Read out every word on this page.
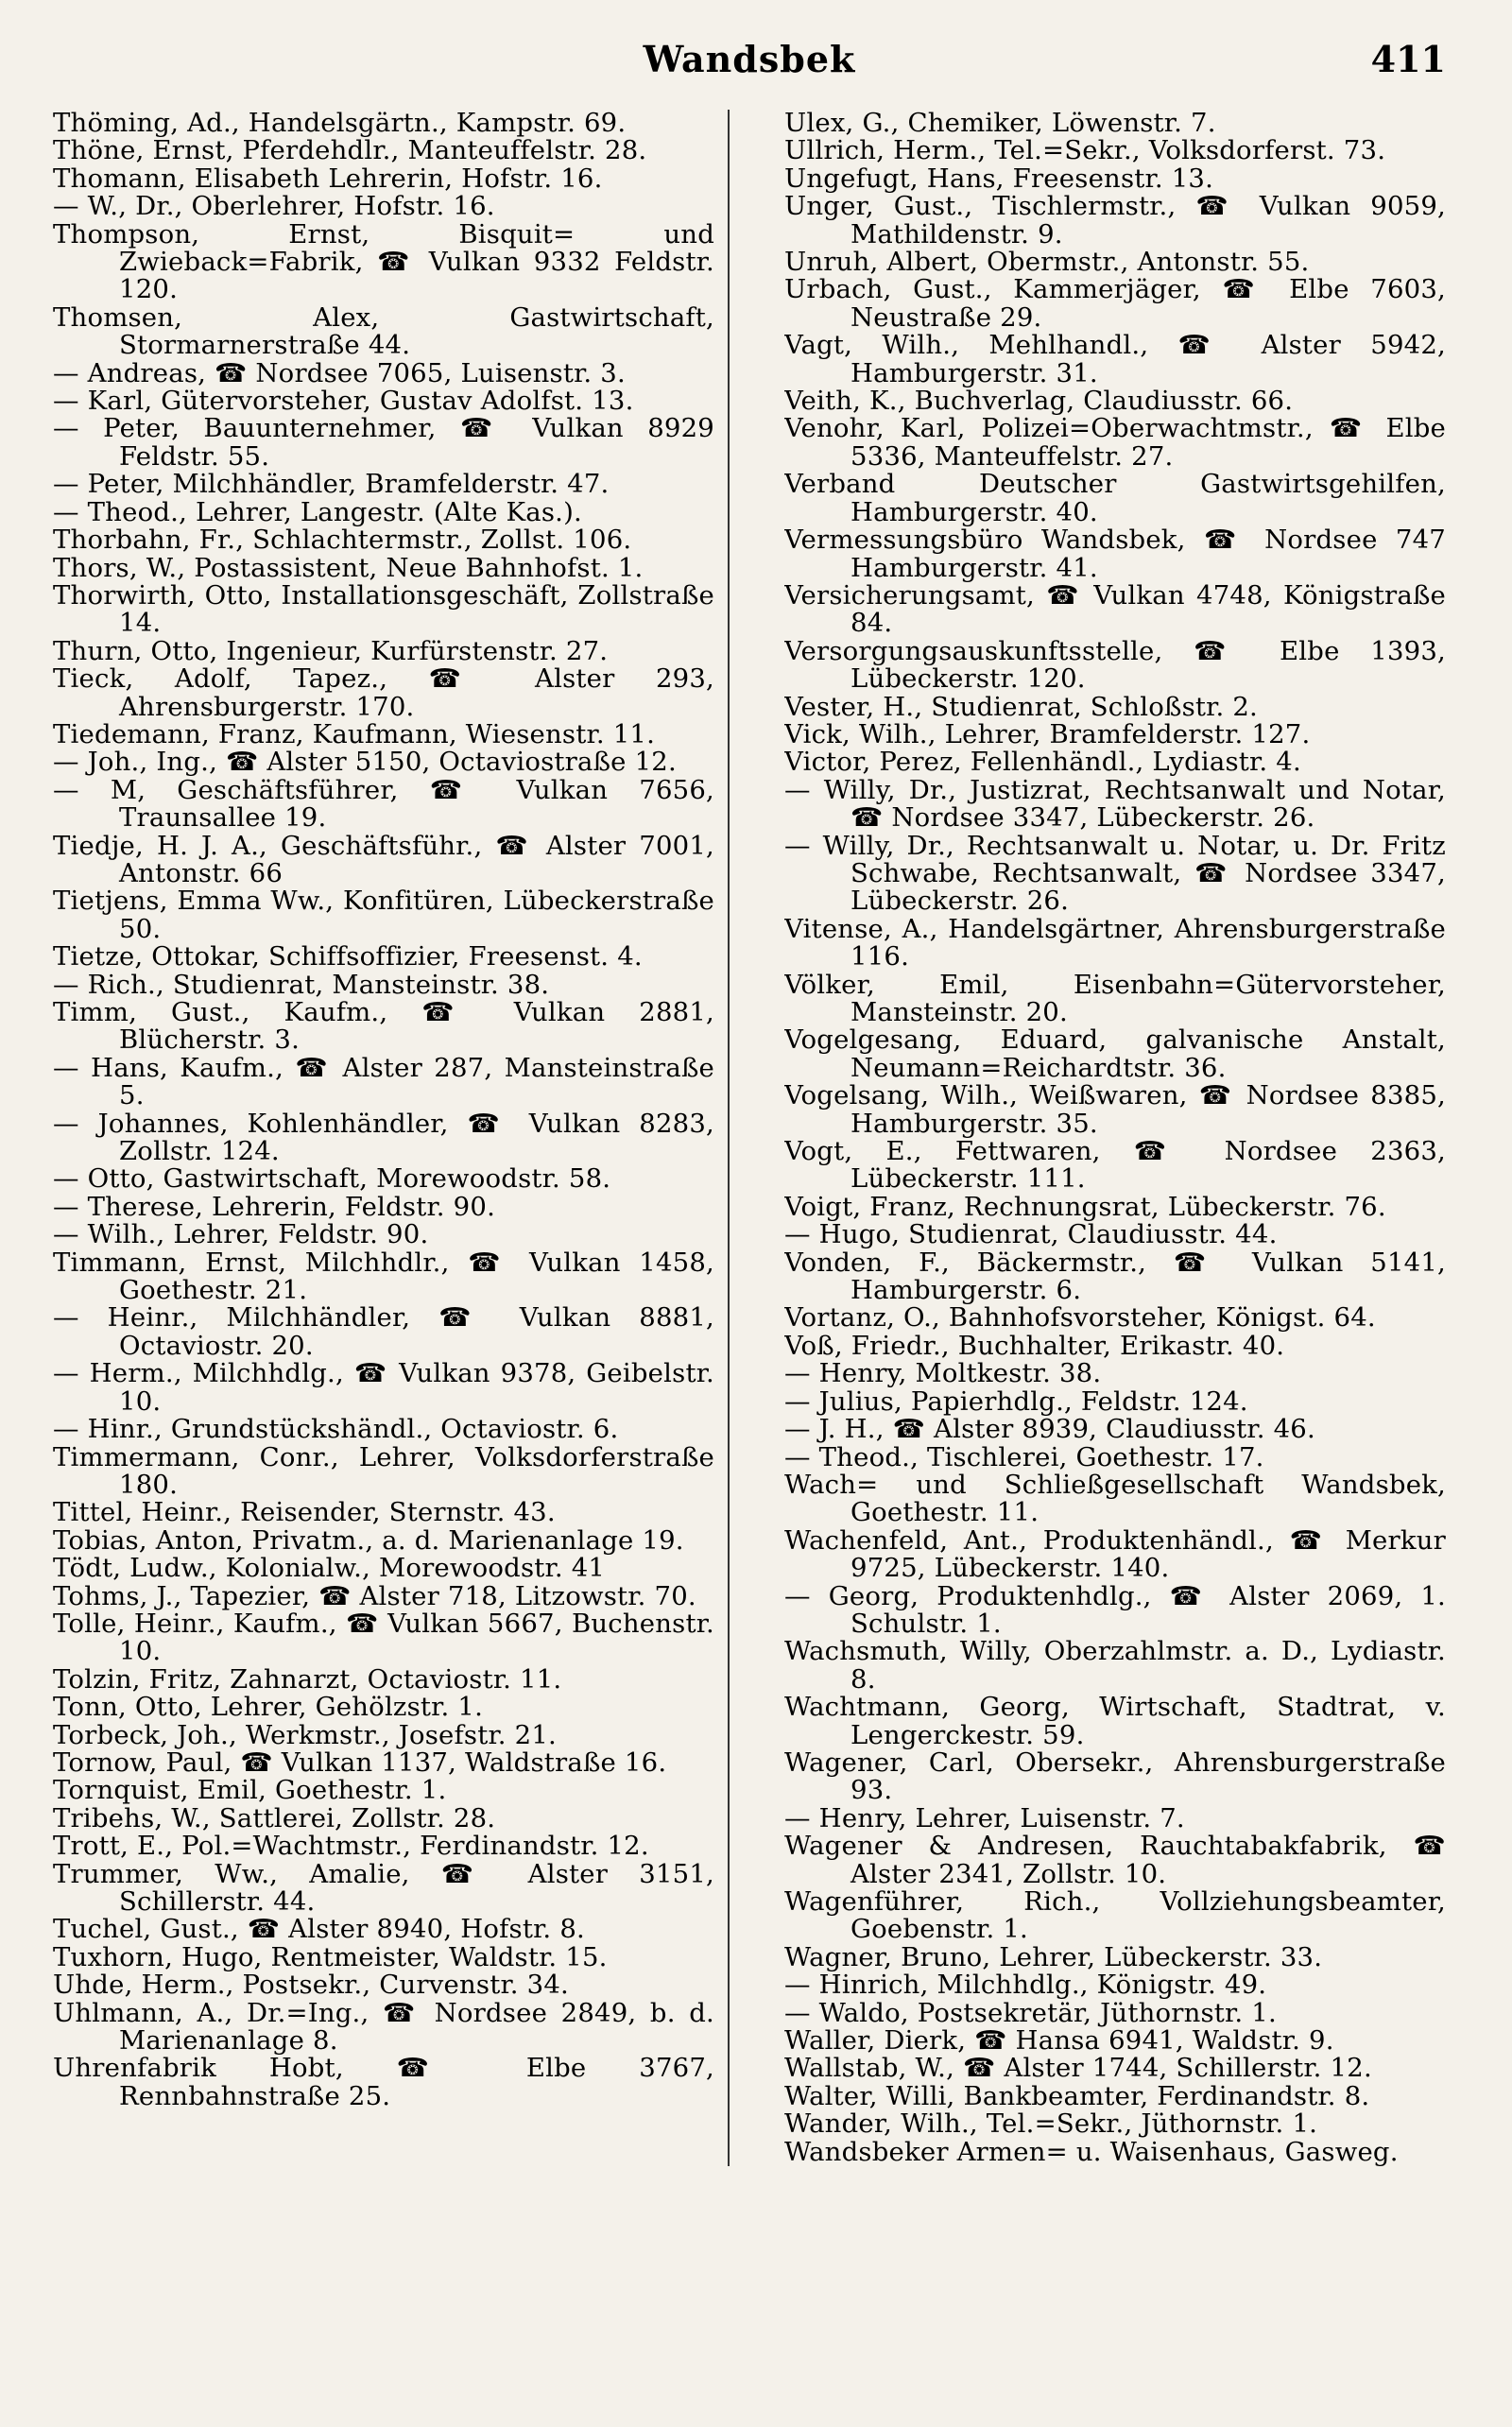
Wandsbek	411

Thöming, Ad., Handelsgärtn., Kampstr. 69.

Thöne, Ernst, Pferdehdlr., Manteuffelstr. 28.

Thomann, Elisabeth Lehrerin, Hofstr. 16.

— W., Dr., Oberlehrer, Hofstr. 16.

Thompson, Ernst, Bisquit= und Zwieback=Fabrik, ☎ Vulkan 9332 Feldstr. 120.

Thomsen, Alex, Gastwirtschaft, Stormarnerstraße 44.

— Andreas, ☎ Nordsee 7065, Luisenstr. 3.

— Karl, Gütervorsteher, Gustav Adolfst. 13.

— Peter, Bauunternehmer, ☎ Vulkan 8929 Feldstr. 55.

— Peter, Milchhändler, Bramfelderstr. 47.

— Theod., Lehrer, Langestr. (Alte Kas.).

Thorbahn, Fr., Schlachtermstr., Zollst. 106.

Thors, W., Postassistent, Neue Bahnhofst. 1.

Thorwirth, Otto, Installationsgeschäft, Zollstraße 14.

Thurn, Otto, Ingenieur, Kurfürstenstr. 27.

Tieck, Adolf, Tapez., ☎ Alster 293, Ahrensburgerstr. 170.

Tiedemann, Franz, Kaufmann, Wiesenstr. 11.

— Joh., Ing., ☎ Alster 5150, Octaviostraße 12.

— M, Geschäftsführer, ☎ Vulkan 7656, Traunsallee 19.

Tiedje, H. J. A., Geschäftsführ., ☎ Alster 7001, Antonstr. 66

Tietjens, Emma Ww., Konfitüren, Lübeckerstraße 50.

Tietze, Ottokar, Schiffsoffizier, Freesenst. 4.

— Rich., Studienrat, Mansteinstr. 38.

Timm, Gust., Kaufm., ☎ Vulkan 2881, Blücherstr. 3.

— Hans, Kaufm., ☎ Alster 287, Mansteinstraße 5.

— Johannes, Kohlenhändler, ☎ Vulkan 8283, Zollstr. 124.

— Otto, Gastwirtschaft, Morewoodstr. 58.

— Therese, Lehrerin, Feldstr. 90.

— Wilh., Lehrer, Feldstr. 90.

Timmann, Ernst, Milchhdlr., ☎ Vulkan 1458, Goethestr. 21.

— Heinr., Milchhändler, ☎ Vulkan 8881, Octaviostr. 20.

— Herm., Milchhdlg., ☎ Vulkan 9378, Geibelstr. 10.

— Hinr., Grundstückshändl., Octaviostr. 6.

Timmermann, Conr., Lehrer, Volksdorferstraße 180.

Tittel, Heinr., Reisender, Sternstr. 43.

Tobias, Anton, Privatm., a. d. Marienanlage 19.

Tödt, Ludw., Kolonialw., Morewoodstr. 41

Tohms, J., Tapezier, ☎ Alster 718, Litzowstr. 70.

Tolle, Heinr., Kaufm., ☎ Vulkan 5667, Buchenstr. 10.

Tolzin, Fritz, Zahnarzt, Octaviostr. 11.

Tonn, Otto, Lehrer, Gehölzstr. 1.

Torbeck, Joh., Werkmstr., Josefstr. 21.

Tornow, Paul, ☎ Vulkan 1137, Waldstraße 16.

Tornquist, Emil, Goethestr. 1.

Tribehs, W., Sattlerei, Zollstr. 28.

Trott, E., Pol.=Wachtmstr., Ferdinandstr. 12.

Trummer, Ww., Amalie, ☎ Alster 3151, Schillerstr. 44.

Tuchel, Gust., ☎ Alster 8940, Hofstr. 8.

Tuxhorn, Hugo, Rentmeister, Waldstr. 15.

Uhde, Herm., Postsekr., Curvenstr. 34.

Uhlmann, A., Dr.=Ing., ☎ Nordsee 2849, b. d. Marienanlage 8.

Uhrenfabrik Hobt, ☎ Elbe 3767, Rennbahnstraße 25.

Ulex, G., Chemiker, Löwenstr. 7.

Ullrich, Herm., Tel.=Sekr., Volksdorferst. 73.

Ungefugt, Hans, Freesenstr. 13.

Unger, Gust., Tischlermstr., ☎ Vulkan 9059, Mathildenstr. 9.

Unruh, Albert, Obermstr., Antonstr. 55.

Urbach, Gust., Kammerjäger, ☎ Elbe 7603, Neustraße 29.

Vagt, Wilh., Mehlhandl., ☎ Alster 5942, Hamburgerstr. 31.

Veith, K., Buchverlag, Claudiusstr. 66.

Venohr, Karl, Polizei=Oberwachtmstr., ☎ Elbe 5336, Manteuffelstr. 27.

Verband Deutscher Gastwirtsgehilfen, Hamburgerstr. 40.

Vermessungsbüro Wandsbek, ☎ Nordsee 747 Hamburgerstr. 41.

Versicherungsamt, ☎ Vulkan 4748, Königstraße 84.

Versorgungsauskunftsstelle, ☎ Elbe 1393, Lübeckerstr. 120.

Vester, H., Studienrat, Schloßstr. 2.

Vick, Wilh., Lehrer, Bramfelderstr. 127.

Victor, Perez, Fellenhändl., Lydiastr. 4.

— Willy, Dr., Justizrat, Rechtsanwalt und Notar, ☎ Nordsee 3347, Lübeckerstr. 26.

— Willy, Dr., Rechtsanwalt u. Notar, u. Dr. Fritz Schwabe, Rechtsanwalt, ☎ Nordsee 3347, Lübeckerstr. 26.

Vitense, A., Handelsgärtner, Ahrensburgerstraße 116.

Völker, Emil, Eisenbahn=Gütervorsteher, Mansteinstr. 20.

Vogelgesang, Eduard, galvanische Anstalt, Neumann=Reichardtstr. 36.

Vogelsang, Wilh., Weißwaren, ☎ Nordsee 8385, Hamburgerstr. 35.

Vogt, E., Fettwaren, ☎ Nordsee 2363, Lübeckerstr. 111.

Voigt, Franz, Rechnungsrat, Lübeckerstr. 76.

— Hugo, Studienrat, Claudiusstr. 44.

Vonden, F., Bäckermstr., ☎ Vulkan 5141, Hamburgerstr. 6.

Vortanz, O., Bahnhofsvorsteher, Königst. 64.

Voß, Friedr., Buchhalter, Erikastr. 40.

— Henry, Moltkestr. 38.

— Julius, Papierhdlg., Feldstr. 124.

— J. H., ☎ Alster 8939, Claudiusstr. 46.

— Theod., Tischlerei, Goethestr. 17.

Wach= und Schließgesellschaft Wandsbek, Goethestr. 11.

Wachenfeld, Ant., Produktenhändl., ☎ Merkur 9725, Lübeckerstr. 140.

— Georg, Produktenhdlg., ☎ Alster 2069, 1. Schulstr. 1.

Wachsmuth, Willy, Oberzahlmstr. a. D., Lydiastr. 8.

Wachtmann, Georg, Wirtschaft, Stadtrat, v. Lengerckestr. 59.

Wagener, Carl, Obersekr., Ahrensburgerstraße 93.

— Henry, Lehrer, Luisenstr. 7.

Wagener & Andresen, Rauchtabakfabrik, ☎ Alster 2341, Zollstr. 10.

Wagenführer, Rich., Vollziehungsbeamter, Goebenstr. 1.

Wagner, Bruno, Lehrer, Lübeckerstr. 33.

— Hinrich, Milchhdlg., Königstr. 49.

— Waldo, Postsekretär, Jüthornstr. 1.

Waller, Dierk, ☎ Hansa 6941, Waldstr. 9.

Wallstab, W., ☎ Alster 1744, Schillerstr. 12.

Walter, Willi, Bankbeamter, Ferdinandstr. 8.

Wander, Wilh., Tel.=Sekr., Jüthornstr. 1.

Wandsbeker Armen= u. Waisenhaus, Gasweg.
